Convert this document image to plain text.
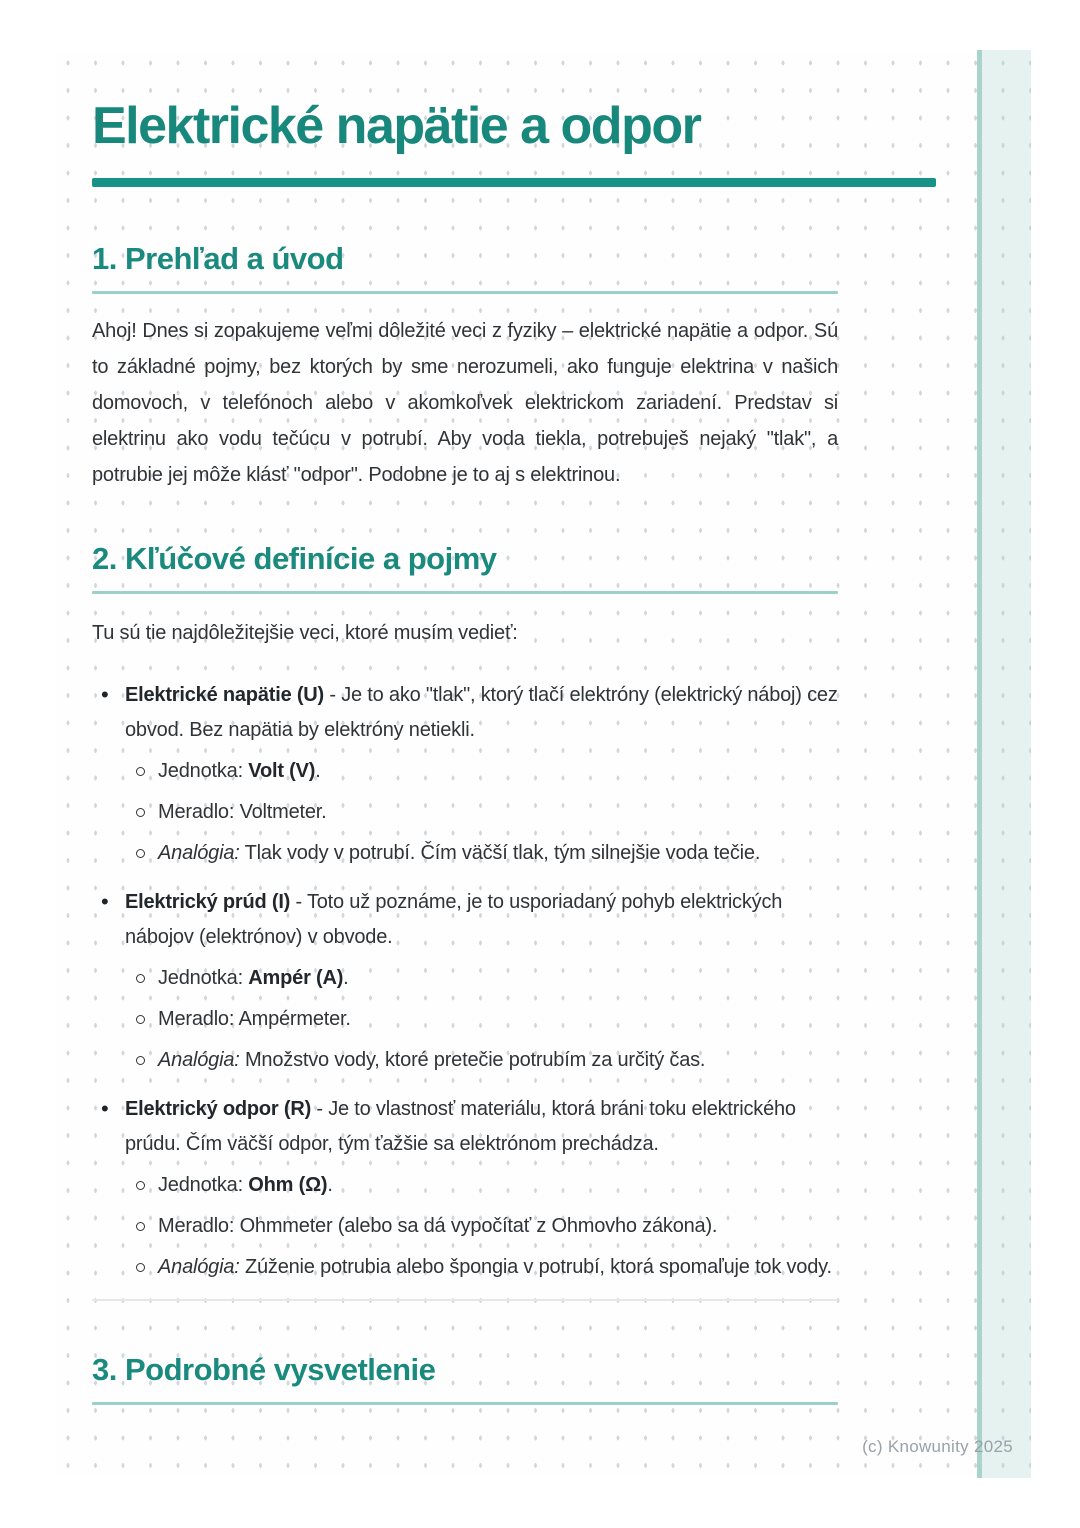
Elektrické napätie a odpor
1. Prehľad a úvod

Ahoj! Dnes si zopakujeme veľmi dôležité veci z fyziky – elektrické napätie a odpor. Sú to základné pojmy, bez ktorých by sme nerozumeli, ako funguje elektrina v našich domovoch, v telefónoch alebo v akomkoľvek elektrickom zariadení. Predstav si elektrinu ako vodu tečúcu v potrubí. Aby voda tiekla, potrebuješ nejaký "tlak", a potrubie jej môže klásť "odpor". Podobne je to aj s elektrinou.

2. Kľúčové definície a pojmy

Tu sú tie najdôležitejšie veci, ktoré musím vedieť:

• Elektrické napätie (U) - Je to ako "tlak", ktorý tlačí elektróny (elektrický náboj) cez obvod. Bez napätia by elektróny netiekli.
Jednotka: Volt (V).
Meradlo: Voltmeter.
Analógia: Tlak vody v potrubí. Čím väčší tlak, tým silnejšie voda tečie.
• Elektrický prúd (I) - Toto už poznáme, je to usporiadaný pohyb elektrických nábojov (elektrónov) v obvode.
Jednotka: Ampér (A).
Meradlo: Ampérmeter.
Analógia: Množstvo vody, ktoré pretečie potrubím za určitý čas.
• Elektrický odpor (R) - Je to vlastnosť materiálu, ktorá bráni toku elektrického prúdu. Čím väčší odpor, tým ťažšie sa elektrónom prechádza.
Jednotka: Ohm (Ω).
Meradlo: Ohmmeter (alebo sa dá vypočítať z Ohmovho zákona).
Analógia: Zúženie potrubia alebo špongia v potrubí, ktorá spomaľuje tok vody.
3. Podrobné vysvetlenie
(c) Knowunity 2025
